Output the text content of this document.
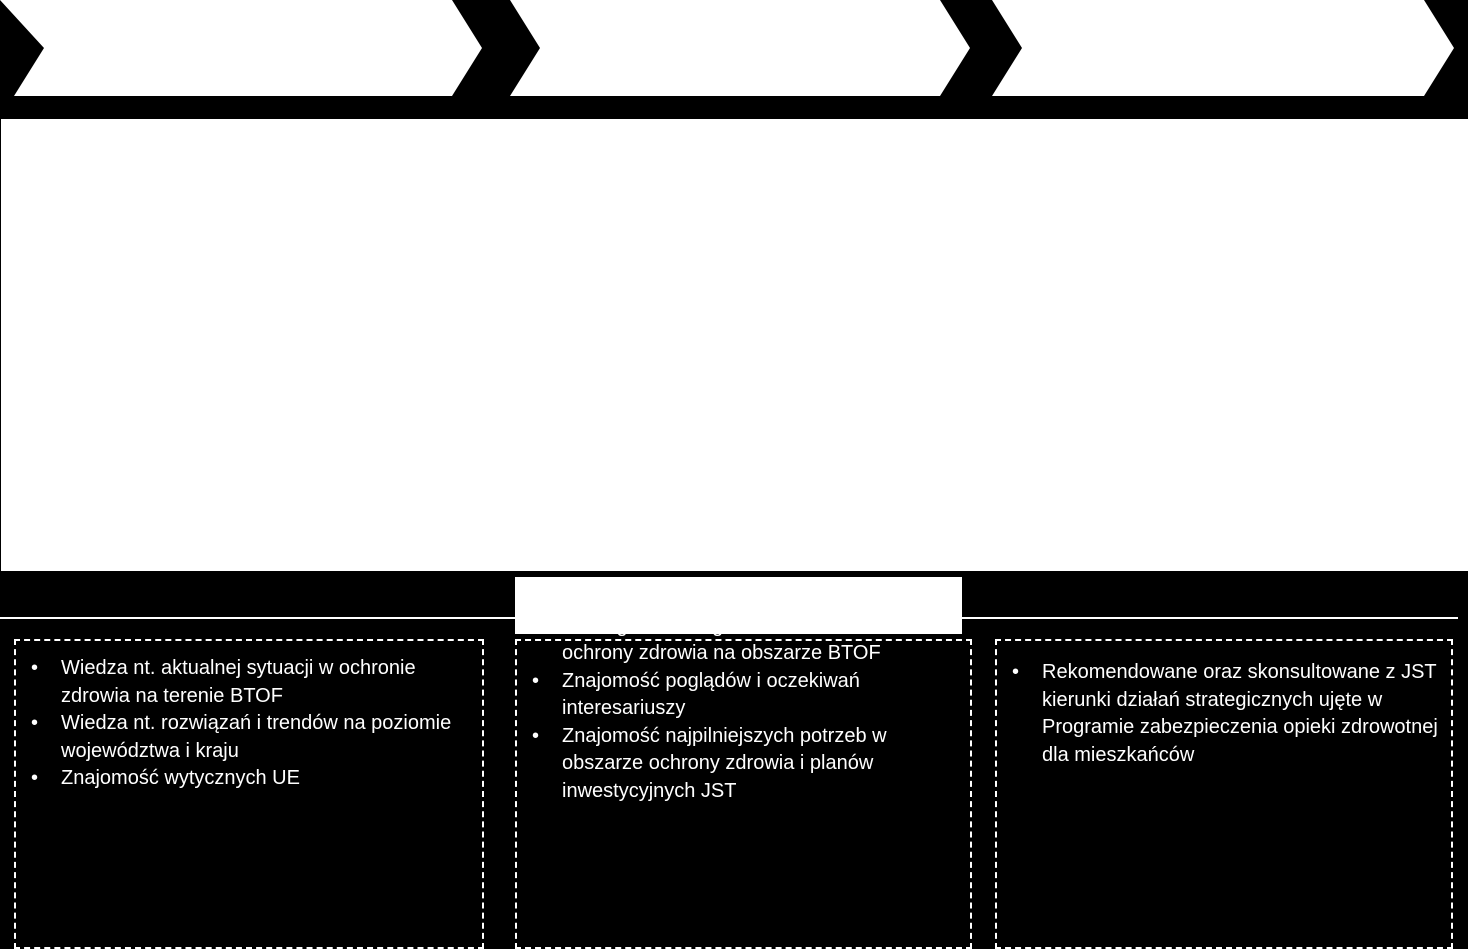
• Wiedza nt. aktualnej sytuacji w ochronie zdrowia na terenie BTOF
• Wiedza nt. rozwiązań i trendów na poziomie województwa i kraju
• Znajomość wytycznych UE
• Szczegółowa diagnoza stanu zdrowia i ochrony zdrowia na obszarze BTOF
• Znajomość poglądów i oczekiwań interesariuszy
• Znajomość najpilniejszych potrzeb w obszarze ochrony zdrowia i planów inwestycyjnych JST
• Rekomendowane oraz skonsultowane z JST kierunki działań strategicznych ujęte w Programie zabezpieczenia opieki zdrowotnej dla mieszkańców
